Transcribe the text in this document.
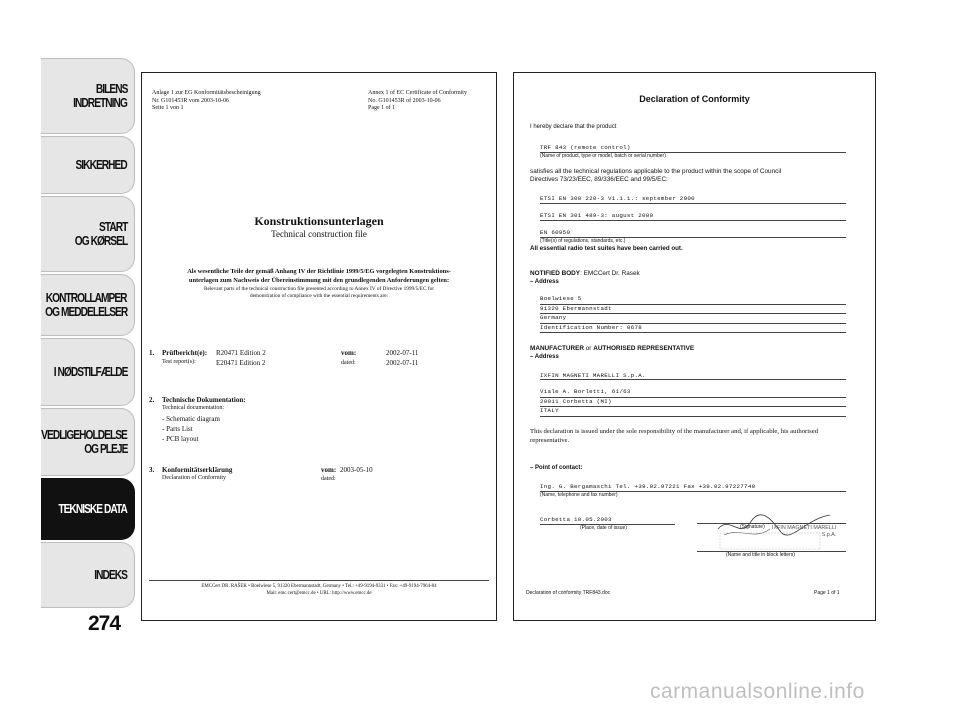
BILENS
INDRETNING
SIKKERHED
START
OG KØRSEL
KONTROLLAMPER
OG MEDDELELSER
I NØDSTILFÆLDE
VEDLIGEHOLDELSE
OG PLEJE
TEKNISKE DATA
INDEKS
274
Anlage 1 zur EG Konformitätsbescheinigung
Nr. G101453R vom 2003-10-06
Seite 1 von 1
Annex 1 of EC Certificate of Conformity
No. G101453R of 2003-10-06
Page 1 of 1
Konstruktionsunterlagen
Technical construction file
Als wesentliche Teile der gemäß Anhang IV der Richtlinie 1999/5/EG vorgelegten Konstruktions-
unterlagen zum Nachweis der Übereinstimmung mit den grundlegenden Anforderungen gelten:
Relevant parts of the technical construction file presented according to Annex IV of Directive 1999/5/EC for
demonstration of compliance with the essential requirements are:
1. Prüfbericht(e):
Test report(s):
R20471 Edition 2
E20471 Edition 2
vom:
dated:
2002-07-11
2002-07-11
2. Technische Dokumentation:
Technical documentation:
- Schematic diagram
- Parts List
- PCB layout
3. Konformitätserklärung
Declaration of Conformity
vom: 2003-05-10
dated:
EMCCert DR. RAŠEK • Boelwiese 5, 91320 Ebermannstadt, Germany • Tel.: +49-9194-9331 • Fax: +49-9194-7964-84
Mail: emc.cert@emcc.de • URL: http://www.emcc.de
Declaration of Conformity
I hereby declare that the product
TRF 843 (remote control)
(Name of product, type or model, batch or serial number)
satisfies all the technical regulations applicable to the product within the scope of Council
Directives 73/23/EEC, 89/336/EEC and 99/5/EC:
ETSI EN 300 220-3 V1.1.1.: september 2000
ETSI EN 301 489-3: august 2000
EN 60950
(Title(s) of regulations, standards, etc.)
All essential radio test suites have been carried out.
NOTIFIED BODY: EMCCert Dr. Rasek
– Address
Boelwiese 5
91320 Ebermannstadt
Germany
Identification Number: 0678
MANUFACTURER or AUTHORISED REPRESENTATIVE
– Address
IXFIN MAGNETI MARELLI S.p.A.
Viale A. Borletti, 61/63
20011 Corbetta (MI)
ITALY
This declaration is issued under the sole responsibility of the manufacturer and, if applicable, his authorised
representative.
– Point of contact:
Ing. G. Bergamaschi Tel. +39.02.97221 Fax +39.02.97227740
(Name, telephone and fax number)
Corbetta 10.05.2003
(Place, date of issue)	IXFIN MAGNETI MARELLI
S.p.A.
(Signature)
(Name and title in block letters)
Declaration of conformity TRF843.doc	Page 1 of 1
carmanualsonline.info
